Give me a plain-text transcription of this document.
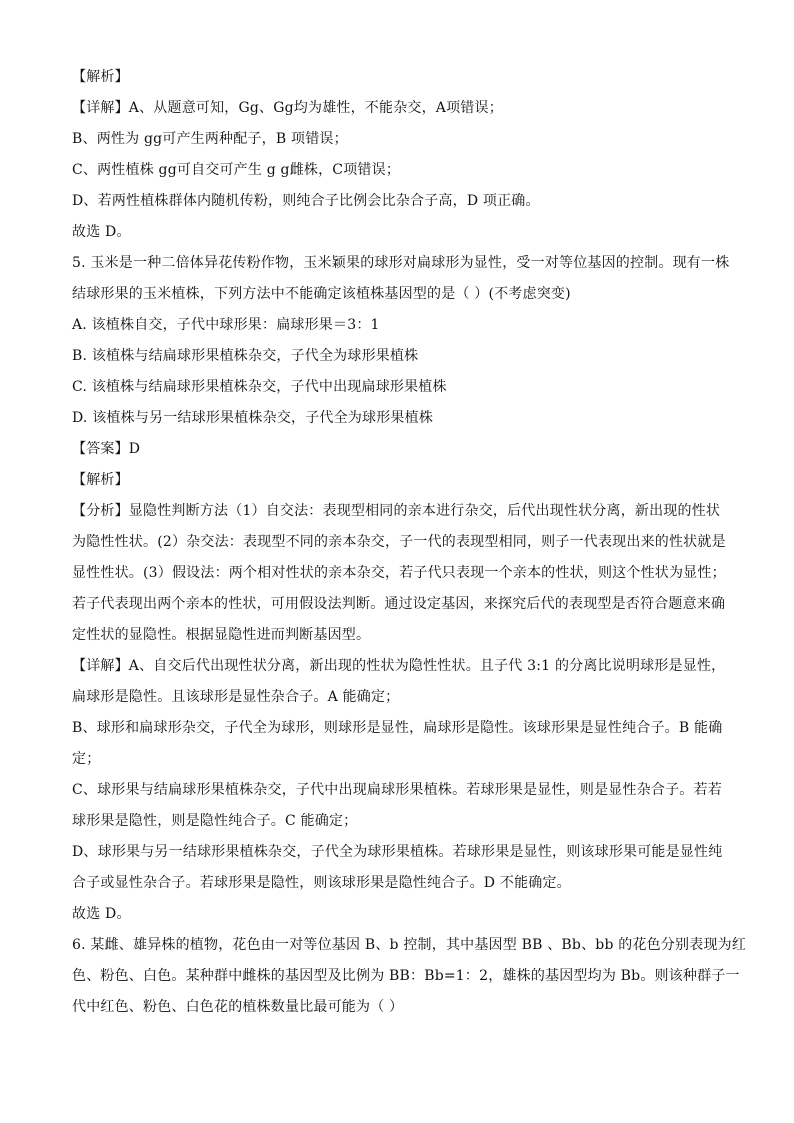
【解析】
【详解】A、从题意可知，Gg、Gg均为雄性，不能杂交，A项错误；
B、两性为 gg可产生两种配子，B 项错误；
C、两性植株 gg可自交可产生 g g雌株，C项错误；
D、若两性植株群体内随机传粉，则纯合子比例会比杂合子高，D 项正确。
故选 D。
5. 玉米是一种二倍体异花传粉作物，玉米颖果的球形对扁球形为显性，受一对等位基因的控制。现有一株
结球形果的玉米植株，下列方法中不能确定该植株基因型的是（ ）(不考虑突变)
A. 该植株自交，子代中球形果：扁球形果＝3：1
B. 该植株与结扁球形果植株杂交，子代全为球形果植株
C. 该植株与结扁球形果植株杂交，子代中出现扁球形果植株
D. 该植株与另一结球形果植株杂交，子代全为球形果植株
【答案】D
【解析】
【分析】显隐性判断方法（1）自交法：表现型相同的亲本进行杂交，后代出现性状分离，新出现的性状
为隐性性状。(2）杂交法：表现型不同的亲本杂交，子一代的表现型相同，则子一代表现出来的性状就是
显性性状。(3）假设法：两个相对性状的亲本杂交，若子代只表现一个亲本的性状，则这个性状为显性；
若子代表现出两个亲本的性状，可用假设法判断。通过设定基因，来探究后代的表现型是否符合题意来确
定性状的显隐性。根据显隐性进而判断基因型。
【详解】A、自交后代出现性状分离，新出现的性状为隐性性状。且子代 3:1 的分离比说明球形是显性，
扁球形是隐性。且该球形是显性杂合子。A 能确定；
B、球形和扁球形杂交，子代全为球形，则球形是显性，扁球形是隐性。该球形果是显性纯合子。B 能确
定；
C、球形果与结扁球形果植株杂交，子代中出现扁球形果植株。若球形果是显性，则是显性杂合子。若若
球形果是隐性，则是隐性纯合子。C 能确定；
D、球形果与另一结球形果植株杂交，子代全为球形果植株。若球形果是显性，则该球形果可能是显性纯
合子或显性杂合子。若球形果是隐性，则该球形果是隐性纯合子。D 不能确定。
故选 D。
6. 某雌、雄异株的植物，花色由一对等位基因 B、b 控制，其中基因型 BB 、Bb、bb 的花色分别表现为红
色、粉色、白色。某种群中雌株的基因型及比例为 BB：Bb=1：2，雄株的基因型均为 Bb。则该种群子一
代中红色、粉色、白色花的植株数量比最可能为（ ）
